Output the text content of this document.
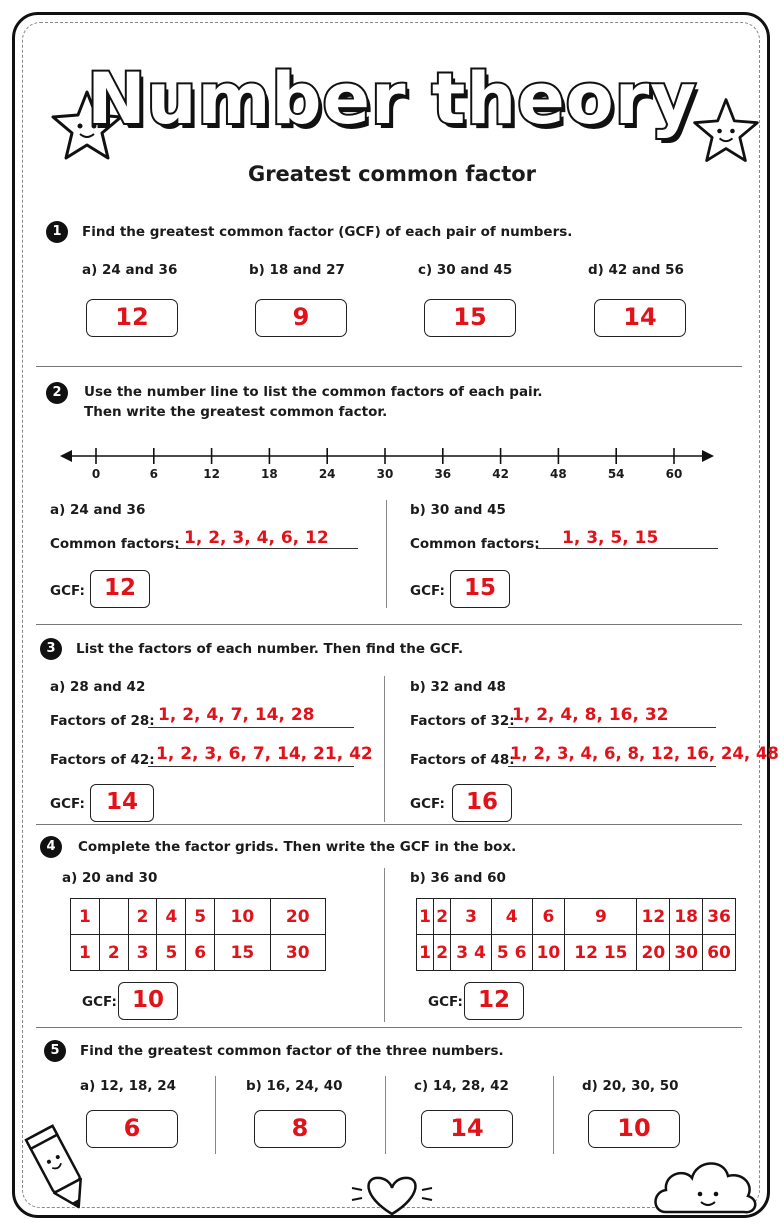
Number theory
Greatest common factor
1	Find the greatest common factor (GCF) of each pair of numbers.
a) 24 and 36	b) 18 and 27	c) 30 and 45	d) 42 and 56
12	9	15	14
2	Use the number line to list the common factors of each pair.
Then write the greatest common factor.
0	6	12	18	24	30	36	42	48	54	60
a) 24 and 36
Common factors: 1, 2, 3, 4, 6, 12
GCF: 12
b) 30 and 45
Common factors: 1, 3, 5, 15
GCF: 15
3	List the factors of each number. Then find the GCF.
a) 28 and 42
Factors of 28: 1, 2, 4, 7, 14, 28
Factors of 42: 1, 2, 3, 6, 7, 14, 21, 42
GCF: 14
b) 32 and 48
Factors of 32:
1, 2, 4, 8, 16, 32
Factors of 48:
1, 2, 3, 4, 6, 8, 12, 16, 24, 48
GCF: 16
4	Complete the factor grids. Then write the GCF in the box.
a) 20 and 30
1		2	4	5	10	20
1	2	3	5	6	15	30
GCF: 10
b) 36 and 60
1	2	3	4	6	9	12	18	36
1	2	3 4	5 6	10	12 15	20	30	60
GCF: 12
5	Find the greatest common factor of the three numbers.
a) 12, 18, 24	b) 16, 24, 40	c) 14, 28, 42	d) 20, 30, 50
6	8	14	10
